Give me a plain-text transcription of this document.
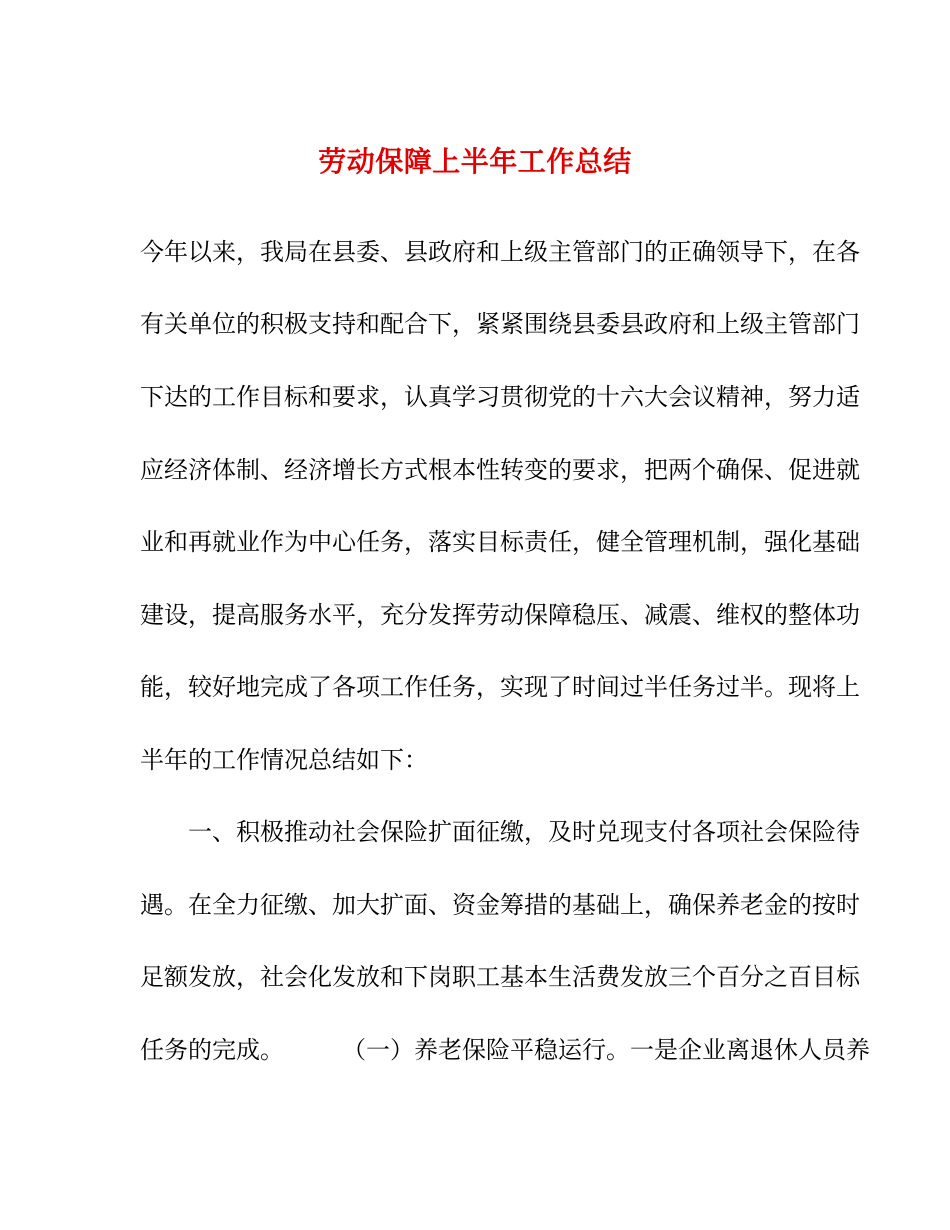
劳动保障上半年工作总结
今年以来，我局在县委、县政府和上级主管部门的正确领导下，在各
有关单位的积极支持和配合下，紧紧围绕县委县政府和上级主管部门
下达的工作目标和要求，认真学习贯彻党的十六大会议精神，努力适
应经济体制、经济增长方式根本性转变的要求，把两个确保、促进就
业和再就业作为中心任务，落实目标责任，健全管理机制，强化基础
建设，提高服务水平，充分发挥劳动保障稳压、减震、维权的整体功
能，较好地完成了各项工作任务，实现了时间过半任务过半。现将上
半年的工作情况总结如下：
一、积极推动社会保险扩面征缴，及时兑现支付各项社会保险待
遇。在全力征缴、加大扩面、资金筹措的基础上，确保养老金的按时
足额发放，社会化发放和下岗职工基本生活费发放三个百分之百目标
任务的完成。 （一）养老保险平稳运行。一是企业离退休人员养
